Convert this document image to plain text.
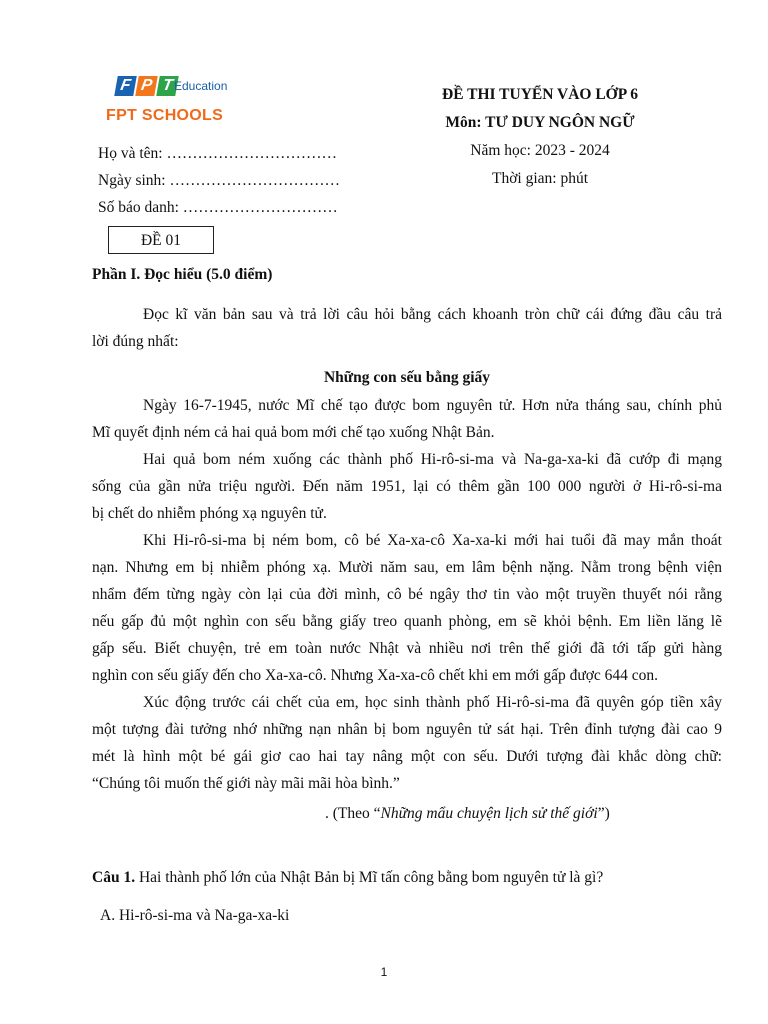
F P T Education
FPT SCHOOLS
ĐỀ THI TUYỂN VÀO LỚP 6
Môn: TƯ DUY NGÔN NGỮ
Năm học: 2023 - 2024
Thời gian: phút
Họ và tên: ……………………………
Ngày sinh: ……………………………
Số báo danh: …………………………
ĐỀ 01
Phần I. Đọc hiểu (5.0 điểm)
Đọc kĩ văn bản sau và trả lời câu hỏi bằng cách khoanh tròn chữ cái đứng đầu câu trả
lời đúng nhất:
Những con sếu bằng giấy
Ngày 16-7-1945, nước Mĩ chế tạo được bom nguyên tử. Hơn nửa tháng sau, chính phủ
Mĩ quyết định ném cả hai quả bom mới chế tạo xuống Nhật Bản.
Hai quả bom ném xuống các thành phố Hi-rô-si-ma và Na-ga-xa-ki đã cướp đi mạng
sống của gần nửa triệu người. Đến năm 1951, lại có thêm gần 100 000 người ở Hi-rô-si-ma
bị chết do nhiễm phóng xạ nguyên tử.
Khi Hi-rô-si-ma bị ném bom, cô bé Xa-xa-cô Xa-xa-ki mới hai tuổi đã may mắn thoát
nạn. Nhưng em bị nhiễm phóng xạ. Mười năm sau, em lâm bệnh nặng. Nằm trong bệnh viện
nhẩm đếm từng ngày còn lại của đời mình, cô bé ngây thơ tin vào một truyền thuyết nói rằng
nếu gấp đủ một nghìn con sếu bằng giấy treo quanh phòng, em sẽ khỏi bệnh. Em liền lăng lẽ
gấp sếu. Biết chuyện, trẻ em toàn nước Nhật và nhiều nơi trên thế giới đã tới tấp gửi hàng
nghìn con sếu giấy đến cho Xa-xa-cô. Nhưng Xa-xa-cô chết khi em mới gấp được 644 con.
Xúc động trước cái chết của em, học sinh thành phố Hi-rô-si-ma đã quyên góp tiền xây
một tượng đài tưởng nhớ những nạn nhân bị bom nguyên tử sát hại. Trên đỉnh tượng đài cao 9
mét là hình một bé gái giơ cao hai tay nâng một con sếu. Dưới tượng đài khắc dòng chữ:
“Chúng tôi muốn thế giới này mãi mãi hòa bình.”
. (Theo “Những mẩu chuyện lịch sử thế giới”)
Câu 1. Hai thành phố lớn của Nhật Bản bị Mĩ tấn công bằng bom nguyên tử là gì?
A. Hi-rô-si-ma và Na-ga-xa-ki
1
